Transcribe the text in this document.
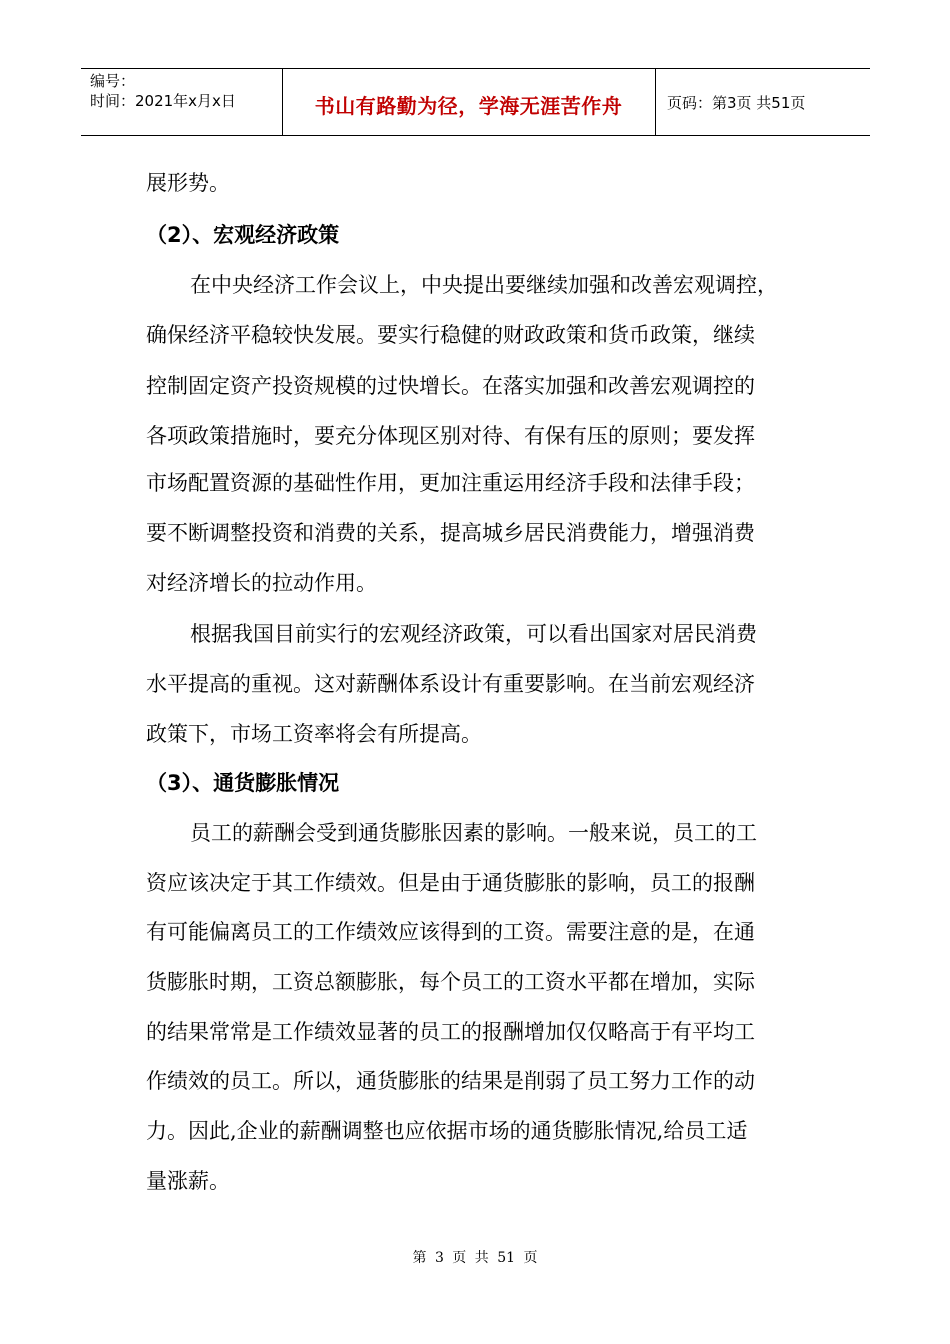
编号：
时间：2021年x月x日	书山有路勤为径，学海无涯苦作舟	页码：第3页 共51页
展形势。
（2）、宏观经济政策
在中央经济工作会议上，中央提出要继续加强和改善宏观调控，
确保经济平稳较快发展。要实行稳健的财政政策和货币政策，继续
控制固定资产投资规模的过快增长。在落实加强和改善宏观调控的
各项政策措施时，要充分体现区别对待、有保有压的原则；要发挥
市场配置资源的基础性作用，更加注重运用经济手段和法律手段；
要不断调整投资和消费的关系，提高城乡居民消费能力，增强消费
对经济增长的拉动作用。
根据我国目前实行的宏观经济政策，可以看出国家对居民消费
水平提高的重视。这对薪酬体系设计有重要影响。在当前宏观经济
政策下，市场工资率将会有所提高。
（3）、通货膨胀情况
员工的薪酬会受到通货膨胀因素的影响。一般来说，员工的工
资应该决定于其工作绩效。但是由于通货膨胀的影响，员工的报酬
有可能偏离员工的工作绩效应该得到的工资。需要注意的是，在通
货膨胀时期，工资总额膨胀，每个员工的工资水平都在增加，实际
的结果常常是工作绩效显著的员工的报酬增加仅仅略高于有平均工
作绩效的员工。所以，通货膨胀的结果是削弱了员工努力工作的动
力。因此,企业的薪酬调整也应依据市场的通货膨胀情况,给员工适
量涨薪。
第 3 页 共 51 页
